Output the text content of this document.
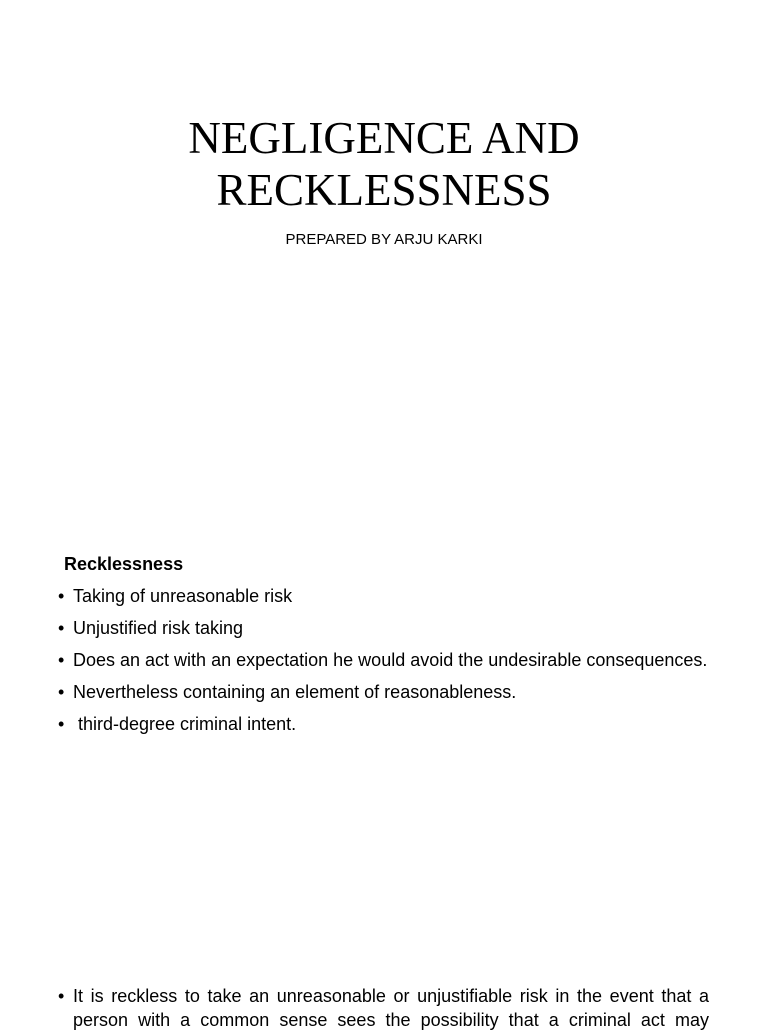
NEGLIGENCE AND
RECKLESSNESS
PREPARED BY ARJU KARKI
Recklessness
• Taking of unreasonable risk
• Unjustified risk taking
• Does an act with an expectation he would avoid the undesirable consequences.
• Nevertheless containing an element of reasonableness.
• third-degree criminal intent.
• It is reckless to take an unreasonable or unjustifiable risk in the event that a person with a common sense sees the possibility that a criminal act may
